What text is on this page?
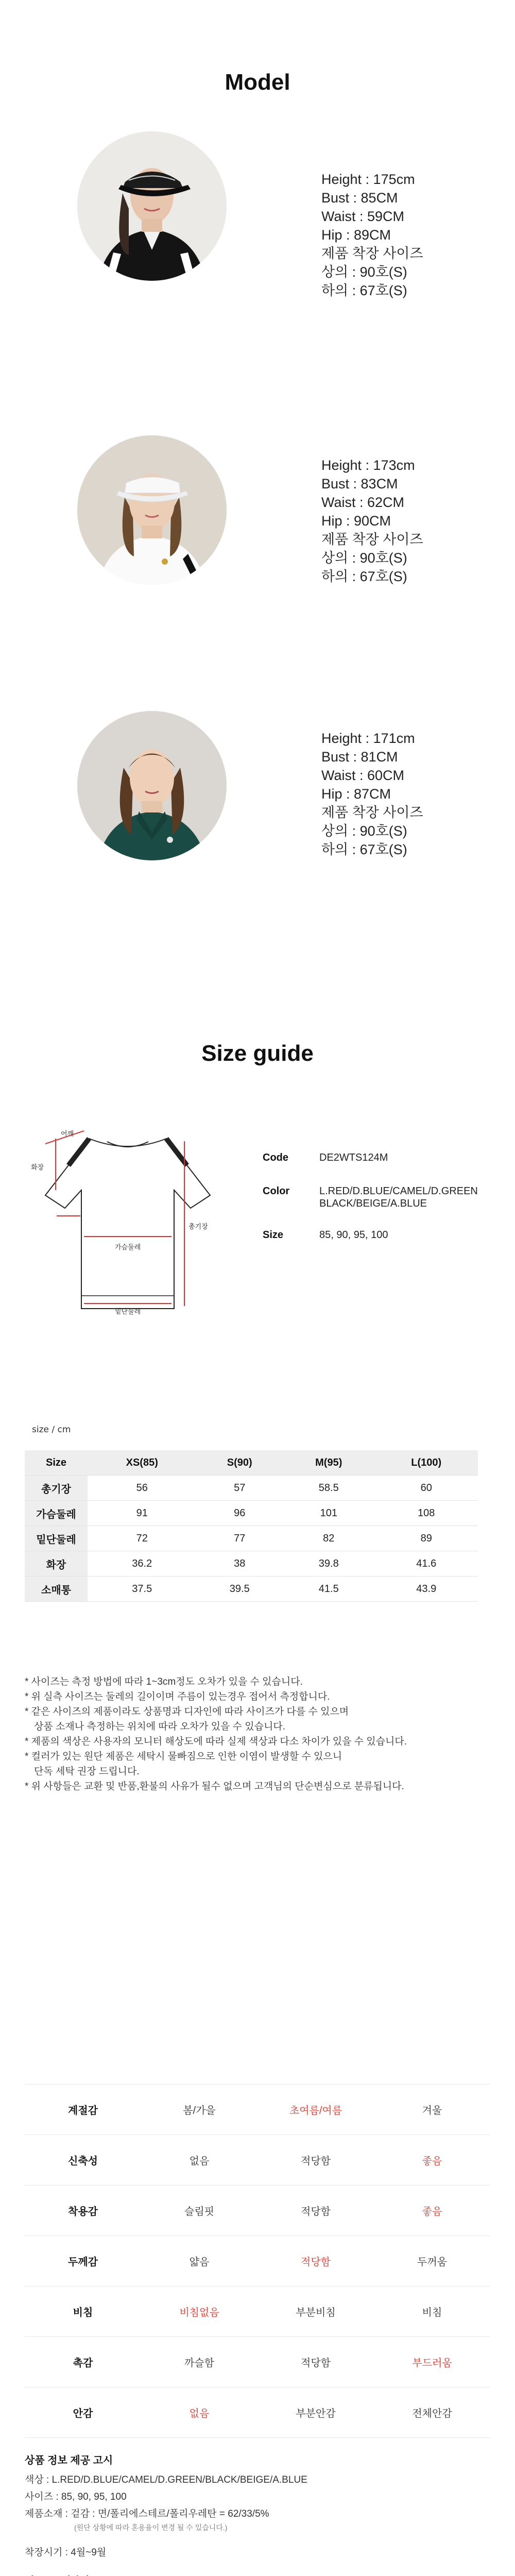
Model
Height : 175cm
Bust : 85CM
Waist : 59CM
Hip : 89CM
제품 착장 사이즈
상의 : 90호(S)
하의 : 67호(S)
Height : 173cm
Bust : 83CM
Waist : 62CM
Hip : 90CM
제품 착장 사이즈
상의 : 90호(S)
하의 : 67호(S)
Height : 171cm
Bust : 81CM
Waist : 60CM
Hip : 87CM
제품 착장 사이즈
상의 : 90호(S)
하의 : 67호(S)
Size guide
어깨
화장
가슴둘레
총기장
밑단둘레
Code	DE2WTS124M
Color	L.RED/D.BLUE/CAMEL/D.GREEN BLACK/BEIGE/A.BLUE
Size	85, 90, 95, 100
size / cm
Size	XS(85)	S(90)	M(95)	L(100)
총기장	56	57	58.5	60
가슴둘레	91	96	101	108
밑단둘레	72	77	82	89
화장	36.2	38	39.8	41.6
소매통	37.5	39.5	41.5	43.9
* 사이즈는 측정 방법에 따라 1~3cm정도 오차가 있을 수 있습니다.
* 위 실측 사이즈는 둘레의 길이이며 주름이 있는경우 접어서 측정합니다.
* 같은 사이즈의 제품이라도 상품명과 디자인에 따라 사이즈가 다를 수 있으며
상품 소재나 측정하는 위치에 따라 오차가 있을 수 있습니다.
* 제품의 색상은 사용자의 모니터 해상도에 따라 실제 색상과 다소 차이가 있을 수 있습니다.
* 컬러가 있는 원단 제품은 세탁시 물빠짐으로 인한 이염이 발생할 수 있으니
단독 세탁 권장 드립니다.
* 위 사항들은 교환 및 반품,환불의 사유가 될수 없으며 고객님의 단순변심으로 분류됩니다.
계절감	봄/가을	초여름/여름	겨울
신축성	없음	적당함	좋음
착용감	슬림핏	적당함	좋음
두께감	얇음	적당함	두꺼움
비침	비침없음	부분비침	비침
촉감	까슬함	적당함	부드러움
안감	없음	부분안감	전체안감
상품 정보 제공 고시
색상 : L.RED/D.BLUE/CAMEL/D.GREEN/BLACK/BEIGE/A.BLUE
사이즈 : 85, 90, 95, 100
제품소재 : 겉감 : 면/폴리에스테르/폴리우레탄 = 62/33/5%
(원단 상황에 따라 혼용율이 변경 될 수 있습니다.)
착장시기 : 4월~9월
